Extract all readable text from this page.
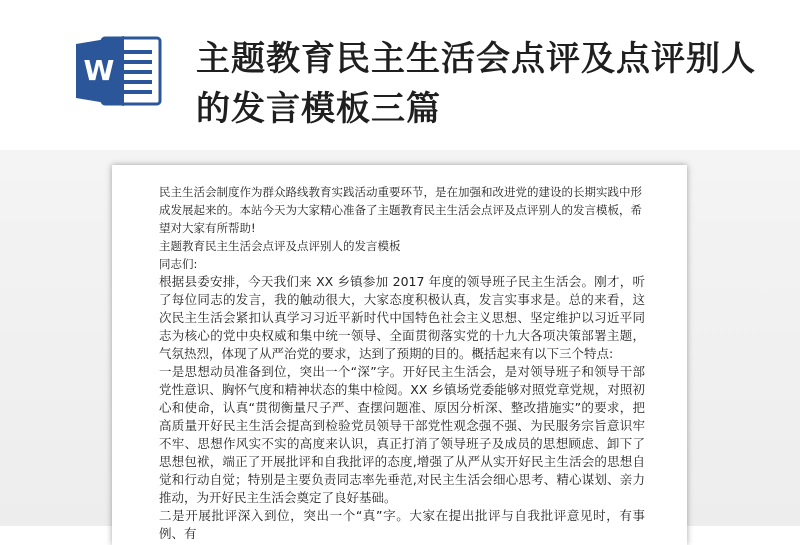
W 主题教育民主生活会点评及点评别人的发言模板三篇

民主生活会制度作为群众路线教育实践活动重要环节，是在加强和改进党的建设的长期实践中形成发展起来的。本站今天为大家精心准备了主题教育民主生活会点评及点评别人的发言模板，希望对大家有所帮助!

主题教育民主生活会点评及点评别人的发言模板

同志们:

根据县委安排，今天我们来 XX 乡镇参加 2017 年度的领导班子民主生活会。刚才，听了每位同志的发言，我的触动很大，大家态度积极认真，发言实事求是。总的来看，这次民主生活会紧扣认真学习习近平新时代中国特色社会主义思想、坚定维护以习近平同志为核心的党中央权威和集中统一领导、全面贯彻落实党的十九大各项决策部署主题，气氛热烈，体现了从严治党的要求，达到了预期的目的。概括起来有以下三个特点:

一是思想动员准备到位，突出一个“深”字。开好民主生活会，是对领导班子和领导干部党性意识、胸怀气度和精神状态的集中检阅。XX 乡镇场党委能够对照党章党规，对照初心和使命，认真“贯彻衡量尺子严、查摆问题准、原因分析深、整改措施实”的要求，把高质量开好民主生活会提高到检验党员领导干部党性观念强不强、为民服务宗旨意识牢不牢、思想作风实不实的高度来认识，真正打消了领导班子及成员的思想顾虑、卸下了思想包袱，端正了开展批评和自我批评的态度,增强了从严从实开好民主生活会的思想自觉和行动自觉；特别是主要负责同志率先垂范,对民主生活会细心思考、精心谋划、亲力推动，为开好民主生活会奠定了良好基础。

二是开展批评深入到位，突出一个“真”字。大家在提出批评与自我批评意见时，有事例、有
